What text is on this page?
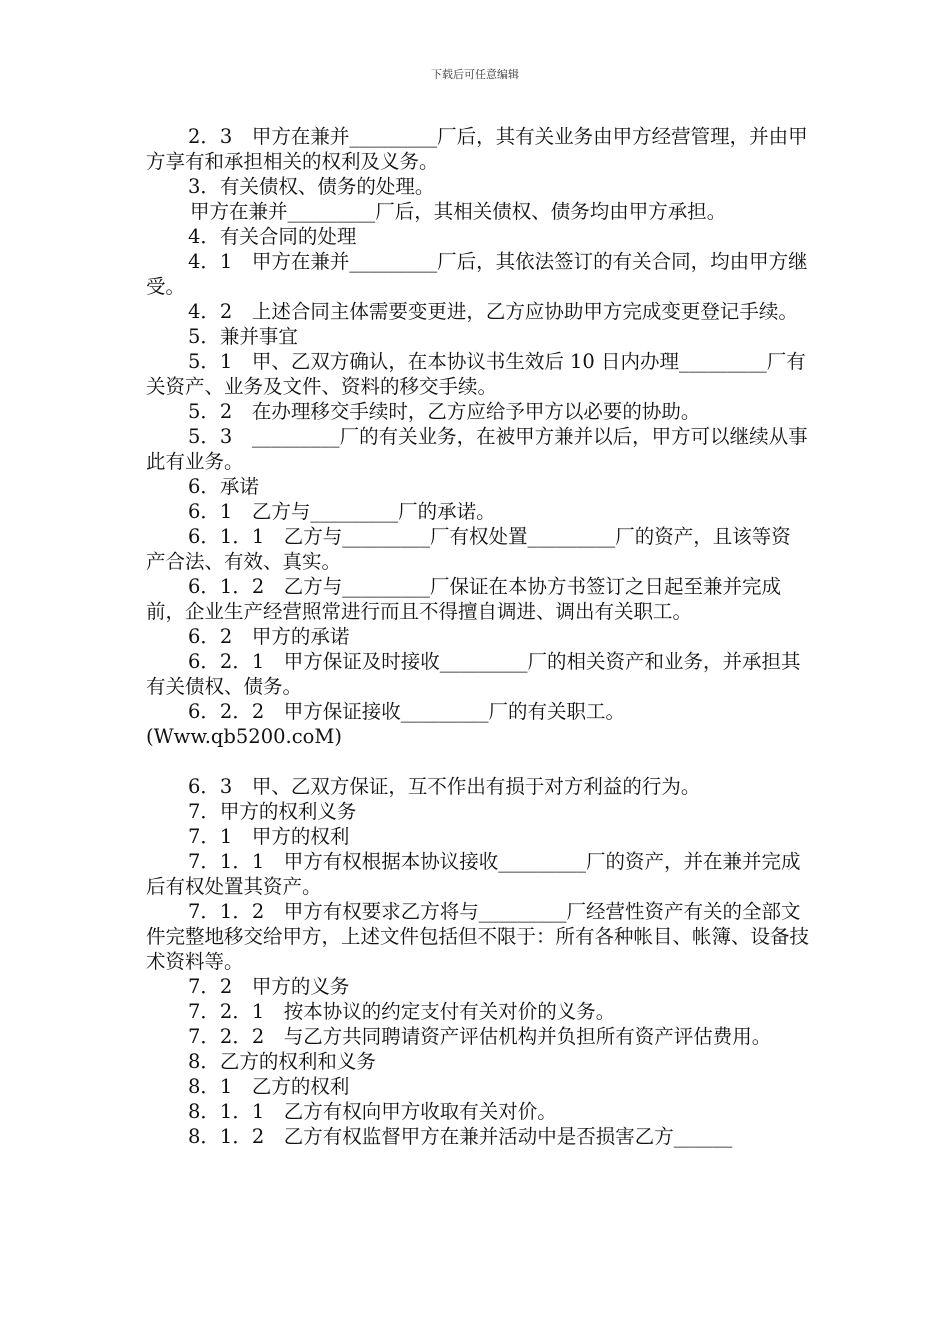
下载后可任意编辑

2．3　甲方在兼并_________厂后，其有关业务由甲方经营管理，并由甲方享有和承担相关的权利及义务。

3．有关债权、债务的处理。

甲方在兼并_________厂后，其相关债权、债务均由甲方承担。

4．有关合同的处理

4．1　甲方在兼并_________厂后，其依法签订的有关合同，均由甲方继受。

4．2　上述合同主体需要变更进，乙方应协助甲方完成变更登记手续。

5．兼并事宜

5．1　甲、乙双方确认，在本协议书生效后 10 日内办理_________厂有关资产、业务及文件、资料的移交手续。

5．2　在办理移交手续时，乙方应给予甲方以必要的协助。

5．3　_________厂的有关业务，在被甲方兼并以后，甲方可以继续从事此有业务。

6．承诺

6．1　乙方与_________厂的承诺。

6．1．1　乙方与_________厂有权处置_________厂的资产，且该等资产合法、有效、真实。

6．1．2　乙方与_________厂保证在本协方书签订之日起至兼并完成前，企业生产经营照常进行而且不得擅自调进、调出有关职工。

6．2　甲方的承诺

6．2．1　甲方保证及时接收_________厂的相关资产和业务，并承担其有关债权、债务。

6．2．2　甲方保证接收_________厂的有关职工。

(Www.qb5200.coM)

6．3　甲、乙双方保证，互不作出有损于对方利益的行为。

7．甲方的权利义务

7．1　甲方的权利

7．1．1　甲方有权根据本协议接收_________厂的资产，并在兼并完成后有权处置其资产。

7．1．2　甲方有权要求乙方将与_________厂经营性资产有关的全部文件完整地移交给甲方，上述文件包括但不限于：所有各种帐目、帐簿、设备技术资料等。

7．2　甲方的义务

7．2．1　按本协议的约定支付有关对价的义务。

7．2．2　与乙方共同聘请资产评估机构并负担所有资产评估费用。

8．乙方的权利和义务

8．1　乙方的权利

8．1．1　乙方有权向甲方收取有关对价。

8．1．2　乙方有权监督甲方在兼并活动中是否损害乙方______
